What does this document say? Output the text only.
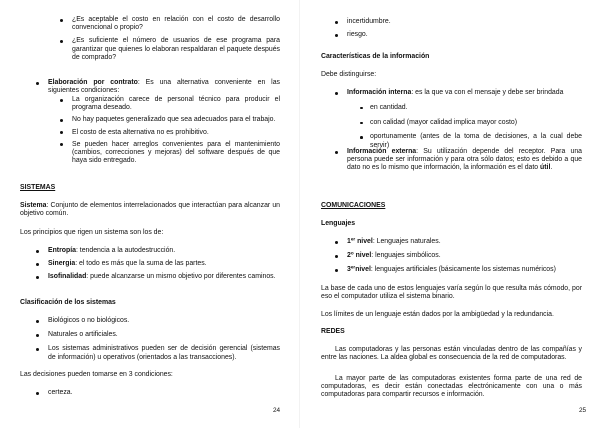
¿Es aceptable el costo en relación con el costo de desarrollo convencional o propio?
¿Es suficiente el número de usuarios de ese programa para garantizar que quienes lo elaboran respaldaran el paquete después de comprado?
Elaboración por contrato: Es una alternativa conveniente en las siguientes condiciones:
La organización carece de personal técnico para producir el programa deseado.
No hay paquetes generalizado que sea adecuados para el trabajo.
El costo de esta alternativa no es prohibitivo.
Se pueden hacer arreglos convenientes para el mantenimiento (cambios, correcciones y mejoras) del software después de que haya sido entregado.
SISTEMAS
Sistema: Conjunto de elementos interrelacionados que interactúan para alcanzar un objetivo común.
Los principios que rigen un sistema son los de:
Entropía: tendencia a la autodestrucción.
Sinergia: el todo es más que la suma de las partes.
Isofinalidad: puede alcanzarse un mismo objetivo por diferentes caminos.
Clasificación de los sistemas
Biológicos o no biológicos.
Naturales o artificiales.
Los sistemas administrativos pueden ser de decisión gerencial (sistemas de información) u operativos (orientados a las transacciones).
Las decisiones pueden tomarse en 3 condiciones:
certeza.
24
incertidumbre.
riesgo.
Características de la información
Debe distinguirse:
Información interna: es la que va con el mensaje y debe ser brindada
en cantidad.
con calidad (mayor calidad implica mayor costo)
oportunamente (antes de la toma de decisiones, a la cual debe servir)
Información externa: Su utilización depende del receptor. Para una persona puede ser información y para otra sólo datos; esto es debido a que dato no es lo mismo que información, la información es el dato útil.
COMUNICACIONES
Lenguajes
1er nivel: Lenguajes naturales.
2$^o$ nivel: lenguajes simbólicos.
3ernivel: lenguajes artificiales (básicamente los sistemas numéricos)
La base de cada uno de estos lenguajes varía según lo que resulta más cómodo, por eso el computador utiliza el sistema binario.
Los límites de un lenguaje están dados por la ambigüedad y la redundancia.
REDES
Las computadoras y las personas están vinculadas dentro de las compañías y entre las naciones. La aldea global es consecuencia de la red de computadoras.
La mayor parte de las computadoras existentes forma parte de una red de computadoras, es decir están conectadas electrónicamente con una o más computadoras para compartir recursos e información.
25
